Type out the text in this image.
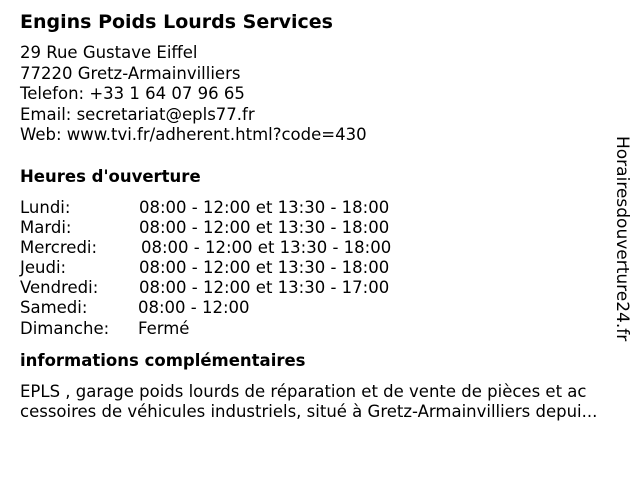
Engins Poids Lourds Services
29 Rue Gustave Eiffel
77220 Gretz-Armainvilliers
Telefon: +33 1 64 07 96 65
Email: secretariat@epls77.fr
Web: www.tvi.fr/adherent.html?code=430
Heures d'ouverture
Lundi:	08:00 - 12:00 et 13:30 - 18:00
Mardi:	08:00 - 12:00 et 13:30 - 18:00
Mercredi:	08:00 - 12:00 et 13:30 - 18:00
Jeudi:	08:00 - 12:00 et 13:30 - 18:00
Vendredi: 08:00 - 12:00 et 13:30 - 17:00
Samedi:	08:00 - 12:00
Dimanche: Fermé
informations complémentaires
EPLS , garage poids lourds de réparation et de vente de pièces et ac
cessoires de véhicules industriels, situé à Gretz-Armainvilliers depui...
Horairesdouverture24.fr
